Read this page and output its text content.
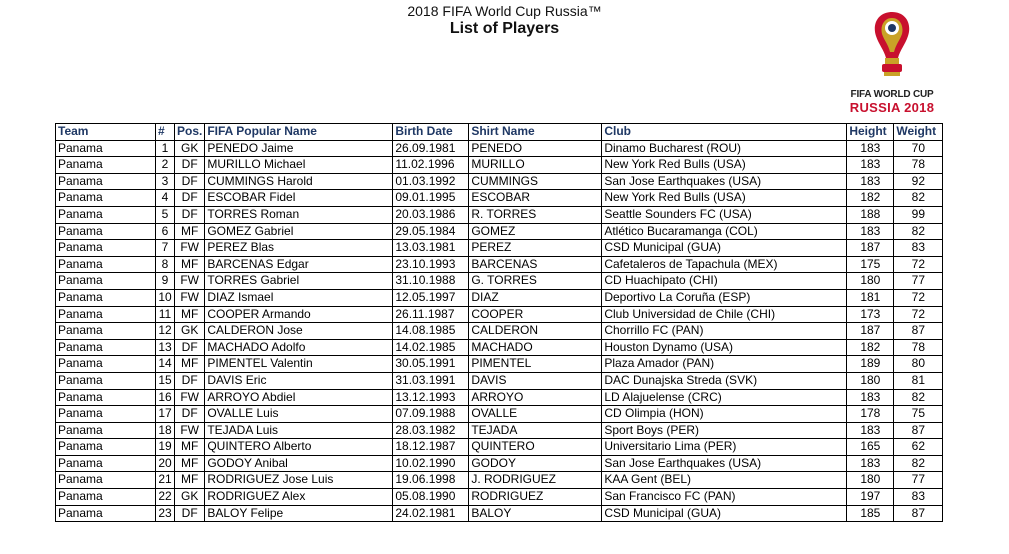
2018 FIFA World Cup Russia™
List of Players
FIFA WORLD CUP
RUSSIA 2018
Team	#	Pos.	FIFA Popular Name	Birth Date	Shirt Name	Club	Height	Weight
Panama	1	GK	PENEDO Jaime	26.09.1981	PENEDO	Dinamo Bucharest (ROU)	183	70
Panama	2	DF	MURILLO Michael	11.02.1996	MURILLO	New York Red Bulls (USA)	183	78
Panama	3	DF	CUMMINGS Harold	01.03.1992	CUMMINGS	San Jose Earthquakes (USA)	183	92
Panama	4	DF	ESCOBAR Fidel	09.01.1995	ESCOBAR	New York Red Bulls (USA)	182	82
Panama	5	DF	TORRES Roman	20.03.1986	R. TORRES	Seattle Sounders FC (USA)	188	99
Panama	6	MF	GOMEZ Gabriel	29.05.1984	GOMEZ	Atlético Bucaramanga (COL)	183	82
Panama	7	FW	PEREZ Blas	13.03.1981	PEREZ	CSD Municipal (GUA)	187	83
Panama	8	MF	BARCENAS Edgar	23.10.1993	BARCENAS	Cafetaleros de Tapachula (MEX)	175	72
Panama	9	FW	TORRES Gabriel	31.10.1988	G. TORRES	CD Huachipato (CHI)	180	77
Panama	10	FW	DIAZ Ismael	12.05.1997	DIAZ	Deportivo La Coruña (ESP)	181	72
Panama	11	MF	COOPER Armando	26.11.1987	COOPER	Club Universidad de Chile (CHI)	173	72
Panama	12	GK	CALDERON Jose	14.08.1985	CALDERON	Chorrillo FC (PAN)	187	87
Panama	13	DF	MACHADO Adolfo	14.02.1985	MACHADO	Houston Dynamo (USA)	182	78
Panama	14	MF	PIMENTEL Valentin	30.05.1991	PIMENTEL	Plaza Amador (PAN)	189	80
Panama	15	DF	DAVIS Eric	31.03.1991	DAVIS	DAC Dunajska Streda (SVK)	180	81
Panama	16	FW	ARROYO Abdiel	13.12.1993	ARROYO	LD Alajuelense (CRC)	183	82
Panama	17	DF	OVALLE Luis	07.09.1988	OVALLE	CD Olimpia (HON)	178	75
Panama	18	FW	TEJADA Luis	28.03.1982	TEJADA	Sport Boys (PER)	183	87
Panama	19	MF	QUINTERO Alberto	18.12.1987	QUINTERO	Universitario Lima (PER)	165	62
Panama	20	MF	GODOY Anibal	10.02.1990	GODOY	San Jose Earthquakes (USA)	183	82
Panama	21	MF	RODRIGUEZ Jose Luis	19.06.1998	J. RODRIGUEZ	KAA Gent (BEL)	180	77
Panama	22	GK	RODRIGUEZ Alex	05.08.1990	RODRIGUEZ	San Francisco FC (PAN)	197	83
Panama	23	DF	BALOY Felipe	24.02.1981	BALOY	CSD Municipal (GUA)	185	87
